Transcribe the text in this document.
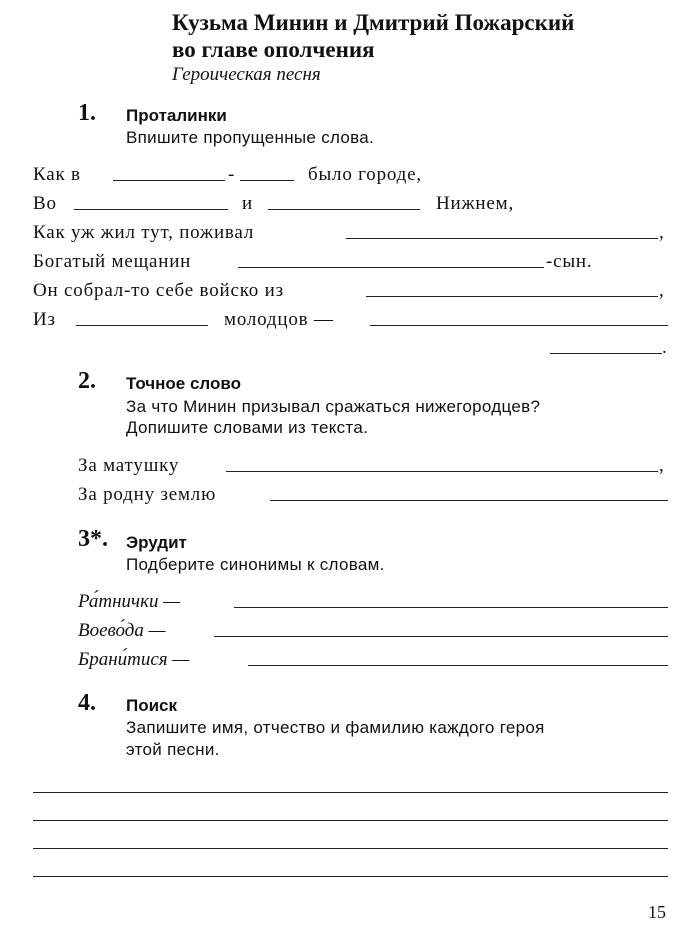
Кузьма Минин и Дмитрий Пожарский
во главе ополчения
Героическая песня
1. Проталинки
Впишите пропущенные слова.
Как в	-	было городе,
Во	и	Нижнем,
Как уж жил тут, поживал	,
Богатый мещанин	-сын.
Он собрал-то себе войско из	,
Из	молодцов —
.
2. Точное слово
За что Минин призывал сражаться нижегородцев?
Допишите словами из текста.
За матушку	,
За родну землю
3*. Эрудит
Подберите синонимы к словам.
Ра́тнички —
Воево́да —
Брани́тися —
4. Поиск
Запишите имя, отчество и фамилию каждого героя
этой песни.
15
